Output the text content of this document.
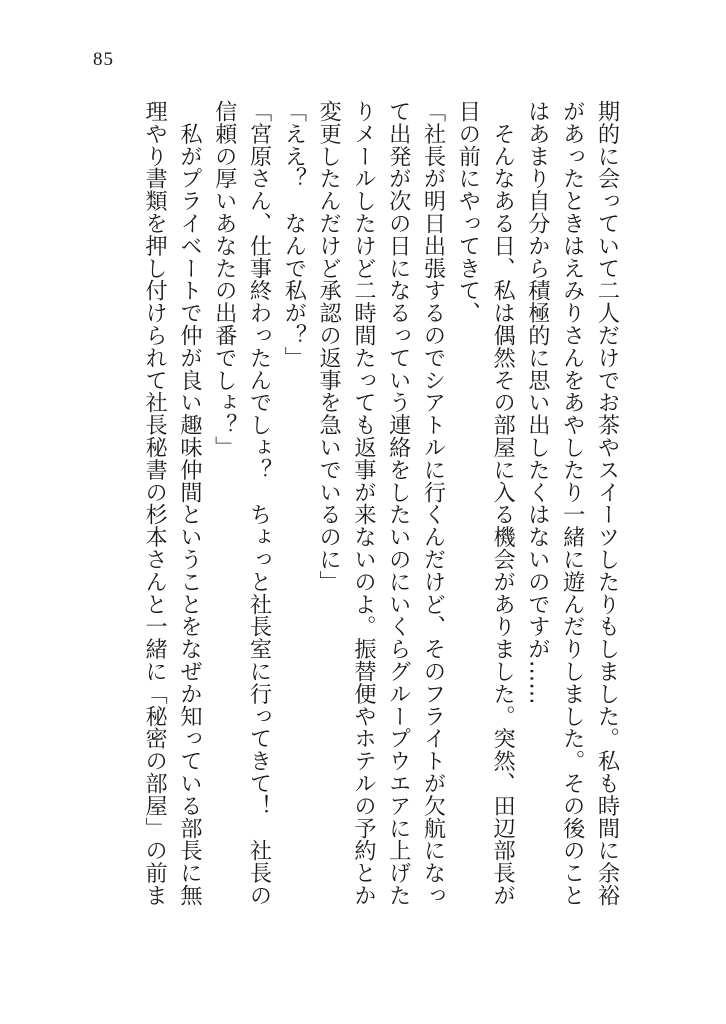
85
期的に会っていて二人だけでお茶やスイーツしたりもしました。私も時間に余裕
があったときはえみりさんをあやしたり一緒に遊んだりしました。その後のこと
はあまり自分から積極的に思い出したくはないのですが……
　そんなある日、私は偶然その部屋に入る機会がありました。突然、田辺部長が
目の前にやってきて、
「社長が明日出張するのでシアトルに行くんだけど、そのフライトが欠航になっ
て出発が次の日になるっていう連絡をしたいのにいくらグループウエアに上げた
りメールしたけど二時間たっても返事が来ないのよ。振替便やホテルの予約とか
変更したんだけど承認の返事を急いでいるのに」
「ええ？　なんで私が？」
「宮原さん、仕事終わったんでしょ？　ちょっと社長室に行ってきて！　社長の
信頼の厚いあなたの出番でしょ？」
　私がプライベートで仲が良い趣味仲間ということをなぜか知っている部長に無
理やり書類を押し付けられて社長秘書の杉本さんと一緒に「秘密の部屋」の前ま
